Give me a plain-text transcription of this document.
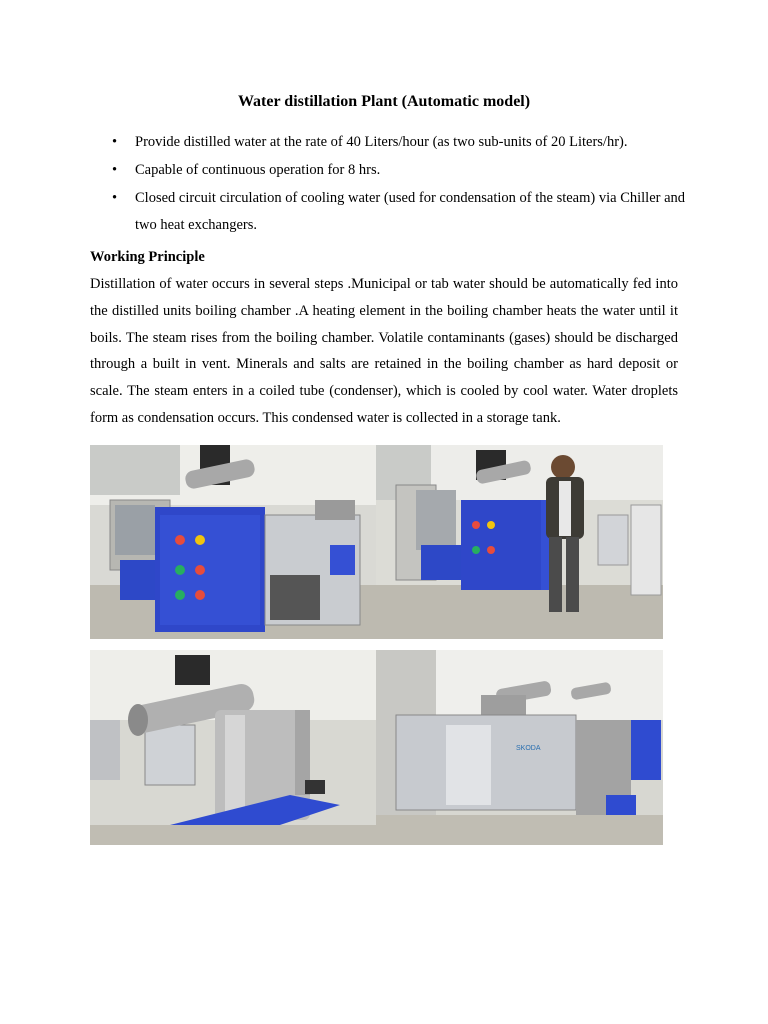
Water distillation Plant (Automatic model)
• Provide distilled water at the rate of 40 Liters/hour (as two sub-units of 20 Liters/hr).
• Capable of continuous operation for 8 hrs.
• Closed circuit circulation of cooling water (used for condensation of the steam) via Chiller and two heat exchangers.
Working Principle
Distillation of water occurs in several steps .Municipal or tab water should be automatically fed into the distilled units boiling chamber .A heating element in the boiling chamber heats the water until it boils. The steam rises from the boiling chamber. Volatile contaminants (gases) should be discharged through a built in vent. Minerals and salts are retained in the boiling chamber as hard deposit or scale. The steam enters in a coiled tube (condenser), which is cooled by cool water. Water droplets form as condensation occurs. This condensed water is collected in a storage tank.
SKODA
